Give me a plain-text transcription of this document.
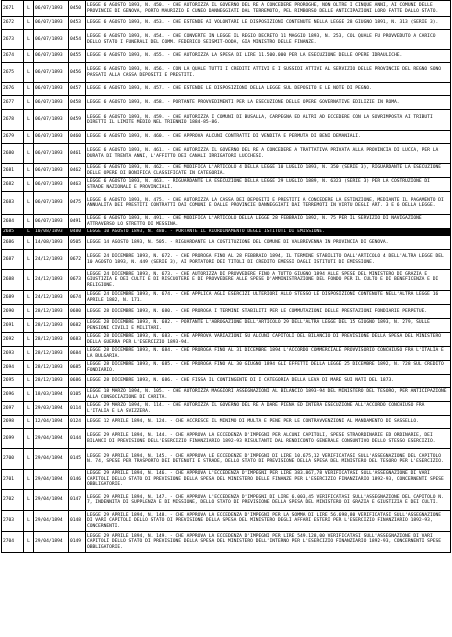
2671	L	06/07/1893	0450	LEGGE 6 AGOSTO 1893, N. 450. - CHE AUTORIZZA IL GOVERNO DEL RE A CONCEDERE PROROGHE, NON OLTRE I CINQUE ANNI, AI COMUNI DELLE PROVINCIE DI GENOVA, PORTO MAURIZIO E CUNEO DANNEGGIATI DAL TERREMOTO, PEL RIMBORSO DELLE ANTICIPAZIONI LORO FATTE DALLO STATO.
2672	L	06/07/1893	0453	LEGGE 6 AGOSTO 1893, N. 453. - CHE ESTENDE AI VOLONTARI LE DISPOSIZIONI CONTENUTE NELLA LEGGE 28 GIUGNO 1891, N. 313 (SERIE 3).
2673	L	06/07/1893	0454	LEGGE 6 AGOSTO 1893, N. 454. - CHE CONVERTE IN LEGGE IL REGIO DECRETO 11 MAGGIO 1893, N. 253, COL QUALE FU PROVVEDUTO A CARICO DELLO STATO I FUNERALI DEL COMM. FEDERICO SEISMIT-DODA, GIA MINISTRO DELLE FINANZE.
2674	L	06/07/1893	0455	LEGGE 6 AGOSTO 1893, N. 455. - CHE AUTORIZZA LA SPESA DI LIRE 11.500.000 PER LA ESECUZIONE DELLE OPERE IDRAULICHE.
2675	L	06/07/1893	0456	LEGGE 6 AGOSTO 1893, N. 456. - CON LA QUALE TUTTI I CREDITI ATTIVI E I SUSSIDI ATTIVI AL SERVIZIO DELLE PROVINCIE DEL REGNO SONO PASSATI ALLA CASSA DEPOSITI E PRESTITI.
2676	L	06/07/1893	0457	LEGGE 6 AGOSTO 1893, N. 457. - CHE ESTENDE LE DISPOSIZIONI DELLA LEGGE SUL DEPOSITO E LE NOTE DI PEGNO.
2677	L	06/07/1893	0458	LEGGE 6 AGOSTO 1893, N. 458. - PORTANTE PROVVEDIMENTI PER LA ESECUZIONE DELLE OPERE GOVERNATIVE EDILIZIE IN ROMA.
2678	L	06/07/1893	0459	LEGGE 6 AGOSTO 1893, N. 459. - CHE AUTORIZZA I COMUNI DI BUSALLA, CARPEGNA ED ALTRI AD ECCEDERE CON LA SOVRIMPOSTA AI TRIBUTI DIRETTI IL LIMITE MEDIO NEL TRIENNIO 1884-85-86.
2679	L	06/07/1893	0460	LEGGE 6 AGOSTO 1893, N. 460. - CHE APPROVA ALCUNI CONTRATTI DI VENDITA E PERMUTA DI BENI DEMANIALI.
2680	L	06/07/1893	0461	LEGGE 6 AGOSTO 1893, N. 461. - CHE AUTORIZZA IL GOVERNO DEL RE A CONCEDERE A TRATTATIVA PRIVATA ALLA PROVINCIA DI LUCCA, PER LA DURATA DI TRENTA ANNI, L'AFFITTO DEI CANALI IRRIGATORI LUCCHESI.
2681	L	06/07/1893	0462	LEGGE 6 AGOSTO 1893, N. 462. - CHE MODIFICA L'ARTICOLO 4 DELLA LEGGE 10 LUGLIO 1893, N. 350 (SERIE 3), RIGUARDANTE LA ESECUZIONE DELLE OPERE DI BONIFICA CLASSIFICATE IN CATEGORIA.
2682	L	06/07/1893	0463	LEGGE 6 AGOSTO 1893, N. 463. - RIGUARDANTE LA ESECUZIONE DELLA LEGGE 29 LUGLIO 1889, N. 6323 (SERIE 3) PER LA COSTRUZIONE DI STRADE NAZIONALI E PROVINCIALI.
2683	L	06/07/1893	0475	LEGGE 6 AGOSTO 1893, N. 475. - CHE AUTORIZZA LA CASSA DEI DEPOSITI E PRESTITI A CONCEDERE LA ESTINZIONE, MEDIANTE IL PAGAMENTO DI ANNUALITA DEI PRESTITI CONTRATTI DAI COMUNI E DALLE PROVINCIE DANNEGGIATI DAI TERREMOTI IN VIRTU DEGLI ART. 3 E 6 DELLA LEGGE.
2684	L	06/07/1893	0491	LEGGE 6 AGOSTO 1893, N. 491. - CHE MODIFICA L'ARTICOLO DELLA LEGGE 28 FEBBRAIO 1892, N. 75 PER IL SERVIZIO DI NAVIGAZIONE ATTRAVERSO LO STRETTO DI MESSINA.
2685	L	10/08/1893	0480	LEGGE 10 AGOSTO 1893, N. 480. - PORTANTE IL RIORDINAMENTO DEGLI ISTITUTI DI EMISSIONE.
2686	L	14/08/1893	0505	LEGGE 14 AGOSTO 1893, N. 505. - RIGUARDANTE LA COSTITUZIONE DEL COMUNE DI VALBREVENNA IN PROVINCIA DI GENOVA.
2687	L	24/12/1893	0672	LEGGE 24 DICEMBRE 1893, N. 672. - CHE PROROGA FINO AL 28 FEBBRAIO 1894, IL TERMINE STABILITO DALL'ARTICOLO 4 DELL'ALTRA LEGGE DEL 10 AGOSTO 1893, N. 449 (SERIE 3), AI PORTATORI DEI TITOLI DI CREDITO EMESSI DAGLI ISTITUTI DI EMISSIONE.
2688	L	24/12/1893	0673	LEGGE 24 DICEMBRE 1893, N. 673. - CHE AUTORIZZA DI PROVVEDERE FINO A TUTTO GIUGNO 1894 ALLE SPESE DEL MINISTERO DI GRAZIA E GIUSTIZIA E DEI CULTI E DI RISCUOTERE E DI PROVVEDERE ALLE SPESE D'AMMINISTRAZIONE DEL FONDO PER IL CULTO E DI BENEFICENZA E DI RELIGIONE.
2689	L	24/12/1893	0674	LEGGE 24 DICEMBRE 1893, N. 674. - CHE APPLICA AGLI ESERCIZI ULTERIORI ALLO STESSO LE DISPOSIZIONI CONTENUTE NELL'ALTRA LEGGE 16 APRILE 1882, N. 171.
2690	L	28/12/1893	0680	LEGGE 28 DICEMBRE 1893, N. 680. - CHE PROROGA I TERMINI STABILITI PER LE COMMUTAZIONI DELLE PRESTAZIONI FONDIARIE PERPETUE.
2691	L	28/12/1893	0682	LEGGE 28 DICEMBRE 1893, N. 682. - PORTANTE L'ABROGAZIONE DELL'ARTICOLO 29 DELL'ALTRA LEGGE DEL 15 GIUGNO 1893, N. 279, SULLE PENSIONI CIVILI E MILITARI.
2692	L	28/12/1893	0683	LEGGE 28 DICEMBRE 1893, N. 683. - CHE APPROVA VARIAZIONI SU ALCUNI CAPITOLI DEL BILANCIO DI PREVISIONE DELLA SPESA DEL MINISTERO DELLA GUERRA PER L'ESERCIZIO 1893-94.
2693	L	28/12/1893	0684	LEGGE 28 DICEMBRE 1893, N. 684. - CHE PROROGA FINO AL 31 DICEMBRE 1894 L'ACCORDO COMMERCIALE PROVVISORIO CONCHIUSO FRA L'ITALIA E LA BULGARIA.
2694	L	28/12/1893	0685	LEGGE 28 DICEMBRE 1893, N. 685. - CHE PROROGA FINO AL 30 GIUGNO 1894 GLI EFFETTI DELLA LEGGE 25 DICEMBRE 1892, N. 728 SUL CREDITO FONDIARIO.
2695	L	28/12/1893	0686	LEGGE 28 DICEMBRE 1893, N. 686. - CHE FISSA IL CONTINGENTE DI I CATEGORIA DELLA LEVA DI MARE SUI NATI DEL 1873.
2696	L	18/03/1894	0105	LEGGE 18 MARZO 1894, N. 105. - CHE AUTORIZZA MAGGIORI ASSEGNAZIONI AL BILANCIO 1893-94 DEL MINISTERO DEL TESORO, PER ANTICIPAZIONE ALLA CONSOCIAZIONE DI CARITA.
2697	L	29/03/1894	0114	LEGGE 29 MARZO 1894, N. 114. - CHE AUTORIZZA IL GOVERNO DEL RE A DARE PIENA ED INTERA ESECUZIONE ALL'ACCORDO CONCHIUSO FRA L'ITALIA E LA SVIZZERA.
2698	L	12/04/1894	0124	LEGGE 12 APRILE 1894, N. 124. - CHE ACCRESCE IL MINIMO DI MULTA E PENE PER LE CONTRAVVENZIONI AL MANDAMENTO DI SASSELLO.
2699	L	29/04/1894	0144	LEGGE 29 APRILE 1894, N. 144. - CHE APPROVA LA ECCEDENZA D'IMPEGNI PER ALCUNI CAPITOLI, SPESE STRAORDINARIE ED ORDINARIE, DEI BILANCI DI PREVISIONE DELL'ESERCIZIO FINANZIARIO 1892-93 RISULTANTI DAL RENDICONTO GENERALE CONSUNTIVO DELLO STESSO ESERCIZIO.
2700	L	29/04/1894	0145	LEGGE 29 APRILE 1894, N. 145. - CHE APPROVA LE ECCEDENZE D'IMPEGNI DI LIRE 10.675,12 VERIFICATASI SULL'ASSEGNAZIONE DEL CAPITOLO N. 74, SPESE PER TRASPORTO DEI DETENUTI E STRADE, DELLO STATO DI PREVISIONE DELLA SPESA DEL MINISTERO DEL TESORO PER L'ESERCIZIO.
2701	L	29/04/1894	0146	LEGGE 29 APRILE 1894, N. 146. - CHE APPROVA L'ECCEDENZA D'IMPEGNI PER LIRE 383.867,78 VERIFICATASI SULL'ASSEGNAZIONE DI VARI CAPITOLI DELLO STATO DI PREVISIONE DELLA SPESA DEL MINISTERO DELLE FINANZE PER L'ESERCIZIO FINANZIARIO 1892-93, CONCERNENTI SPESE OBBLIGATORIE.
2702	L	29/04/1894	0147	LEGGE 29 APRILE 1894, N. 147. - CHE APPROVA L'ECCEDENZA D'IMPEGNI DI LIRE 6.003,45 VERIFICATASI SULL'ASSEGNAZIONE DEL CAPITOLO N. 7, INDENNITA DI SUPPLENZA E DI MISSIONE, DELLO STATO DI PREVISIONE DELLA SPESA DEL MINISTERO DI GRAZIA E GIUSTIZIA E DEI CULTI.
2703	L	29/04/1894	0148	LEGGE 29 APRILE 1894, N. 148. - CHE APPROVA LA ECCEDENZA D'IMPEGNI PER LA SOMMA DI LIRE 56.698,80 VERIFICATASI SULL'ASSEGNAZIONE DI VARI CAPITOLI DELLO STATO DI PREVISIONE DELLA SPESA DEL MINISTERO DEGLI AFFARI ESTERI PER L'ESERCIZIO FINANZIARIO 1892-93, CONCERNENTI.
2704	L	29/04/1894	0149	LEGGE 29 APRILE 1894, N. 149. - CHE APPROVA LA ECCEDENZA D'IMPEGNI PER LIRE 549.128,00 VERIFICATASI SULL'ASSEGNAZIONE DI VARI CAPITOLI DELLO STATO DI PREVISIONE DELLA SPESA DEL MINISTERO DELL'INTERNO PER L'ESERCIZIO FINANZIARIO 1892-93, CONCERNENTI SPESE OBBLIGATORIE.
